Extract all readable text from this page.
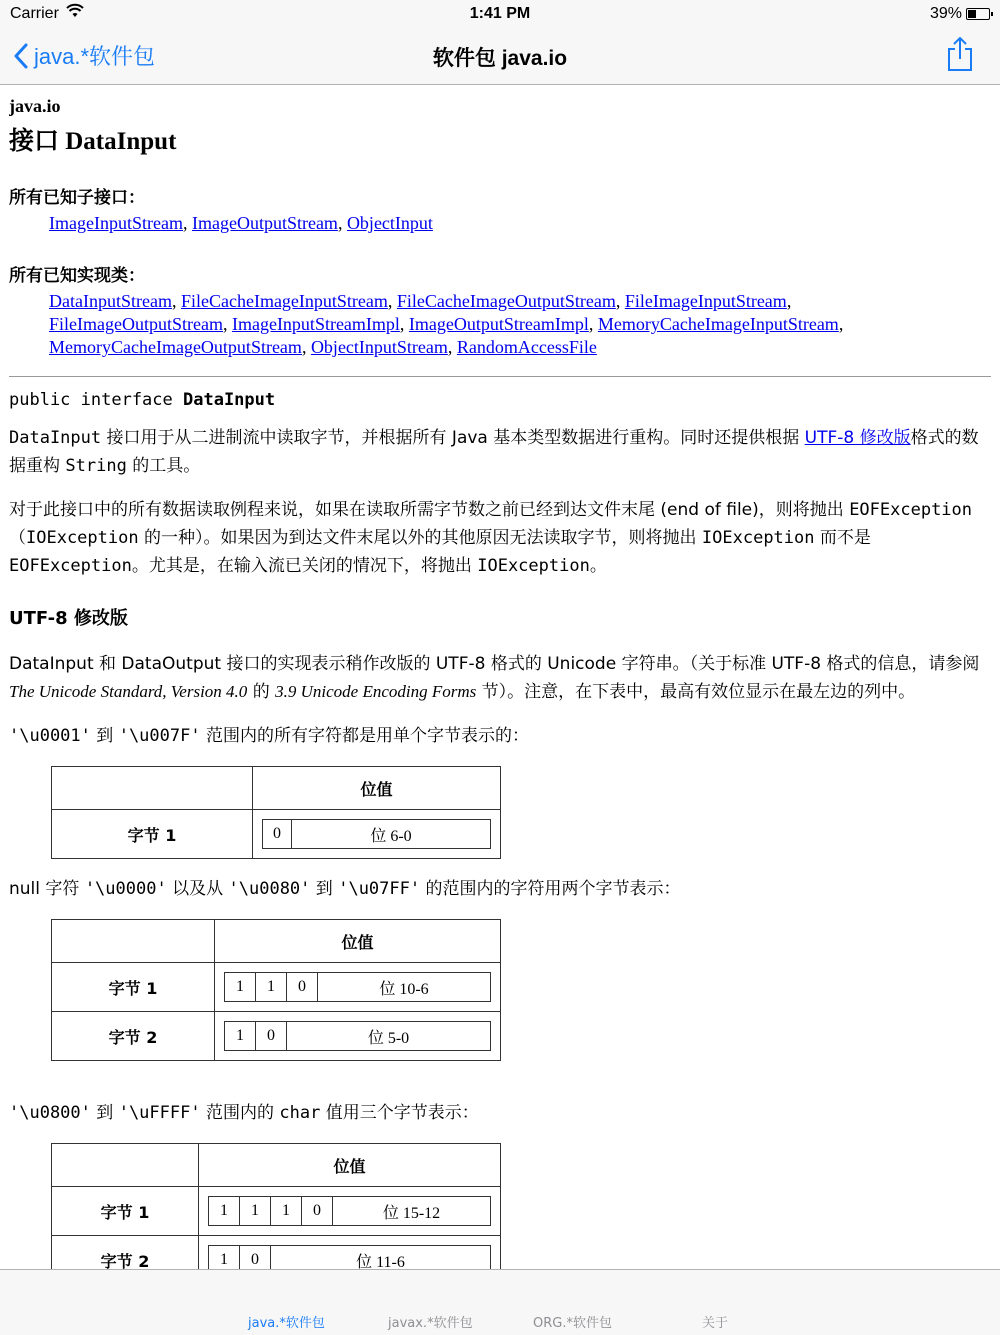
Carrier	1:41 PM	39%
java.*软件包	软件包 java.io
java.io
接口 DataInput
所有已知子接口：
ImageInputStream, ImageOutputStream, ObjectInput
所有已知实现类：
DataInputStream, FileCacheImageInputStream, FileCacheImageOutputStream, FileImageInputStream,
FileImageOutputStream, ImageInputStreamImpl, ImageOutputStreamImpl, MemoryCacheImageInputStream,
MemoryCacheImageOutputStream, ObjectInputStream, RandomAccessFile
public interface DataInput

DataInput 接口用于从二进制流中读取字节，并根据所有 Java 基本类型数据进行重构。同时还提供根据 UTF-8 修改版格式的数据重构 String 的工具。

对于此接口中的所有数据读取例程来说，如果在读取所需字节数之前已经到达文件末尾 (end of file)，则将抛出 EOFException（IOException 的一种）。如果因为到达文件末尾以外的其他原因无法读取字节，则将抛出 IOException 而不是 EOFException。尤其是，在输入流已关闭的情况下，将抛出 IOException。

UTF-8 修改版

DataInput 和 DataOutput 接口的实现表示稍作改版的 UTF-8 格式的 Unicode 字符串。（关于标准 UTF-8 格式的信息，请参阅 The Unicode Standard, Version 4.0 的 3.9 Unicode Encoding Forms 节）。注意，在下表中，最高有效位显示在最左边的列中。

'\u0001' 到 '\u007F' 范围内的所有字符都是用单个字节表示的：

	位值
字节 1		0	位 6-0

null 字符 '\u0000' 以及从 '\u0080' 到 '\u07FF' 的范围内的字符用两个字节表示：

	位值
字节 1		1	1	0	位 10-6

字节 2		1	0	位 5-0

'\u0800' 到 '\uFFFF' 范围内的 char 值用三个字节表示：

	位值
字节 1		1	1	1	0	位 15-12

字节 2		1	0	位 11-6
java.*软件包	javax.*软件包	ORG.*软件包	关于
